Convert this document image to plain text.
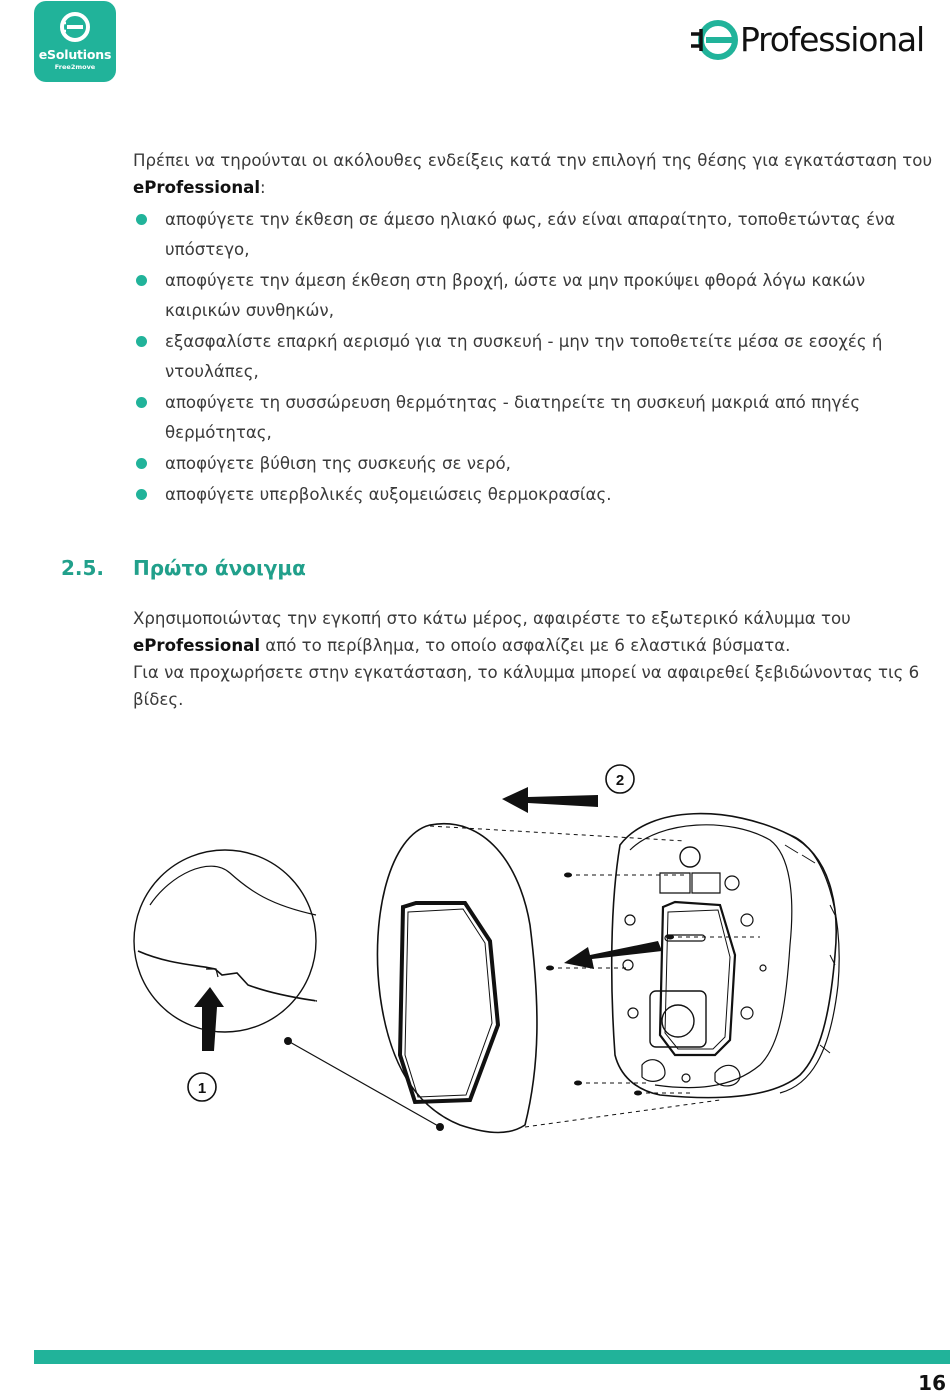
eSolutions
Free2move
Professional
Πρέπει να τηρούνται οι ακόλουθες ενδείξεις κατά την επιλογή της θέσης για εγκατάσταση του
eProfessional:
αποφύγετε την έκθεση σε άμεσο ηλιακό φως, εάν είναι απαραίτητο, τοποθετώντας ένα υπόστεγο,
αποφύγετε την άμεση έκθεση στη βροχή, ώστε να μην προκύψει φθορά λόγω κακών καιρικών συνθηκών,
εξασφαλίστε επαρκή αερισμό για τη συσκευή - μην την τοποθετείτε μέσα σε εσοχές ή ντουλάπες,
αποφύγετε τη συσσώρευση θερμότητας - διατηρείτε τη συσκευή μακριά από πηγές θερμότητας,
αποφύγετε βύθιση της συσκευής σε νερό,
αποφύγετε υπερβολικές αυξομειώσεις θερμοκρασίας.
2.5. Πρώτο άνοιγμα
Χρησιμοποιώντας την εγκοπή στο κάτω μέρος, αφαιρέστε το εξωτερικό κάλυμμα του
eProfessional από το περίβλημα, το οποίο ασφαλίζει με 6 ελαστικά βύσματα.
Για να προχωρήσετε στην εγκατάσταση, το κάλυμμα μπορεί να αφαιρεθεί ξεβιδώνοντας τις 6 βίδες.
2
1
16
